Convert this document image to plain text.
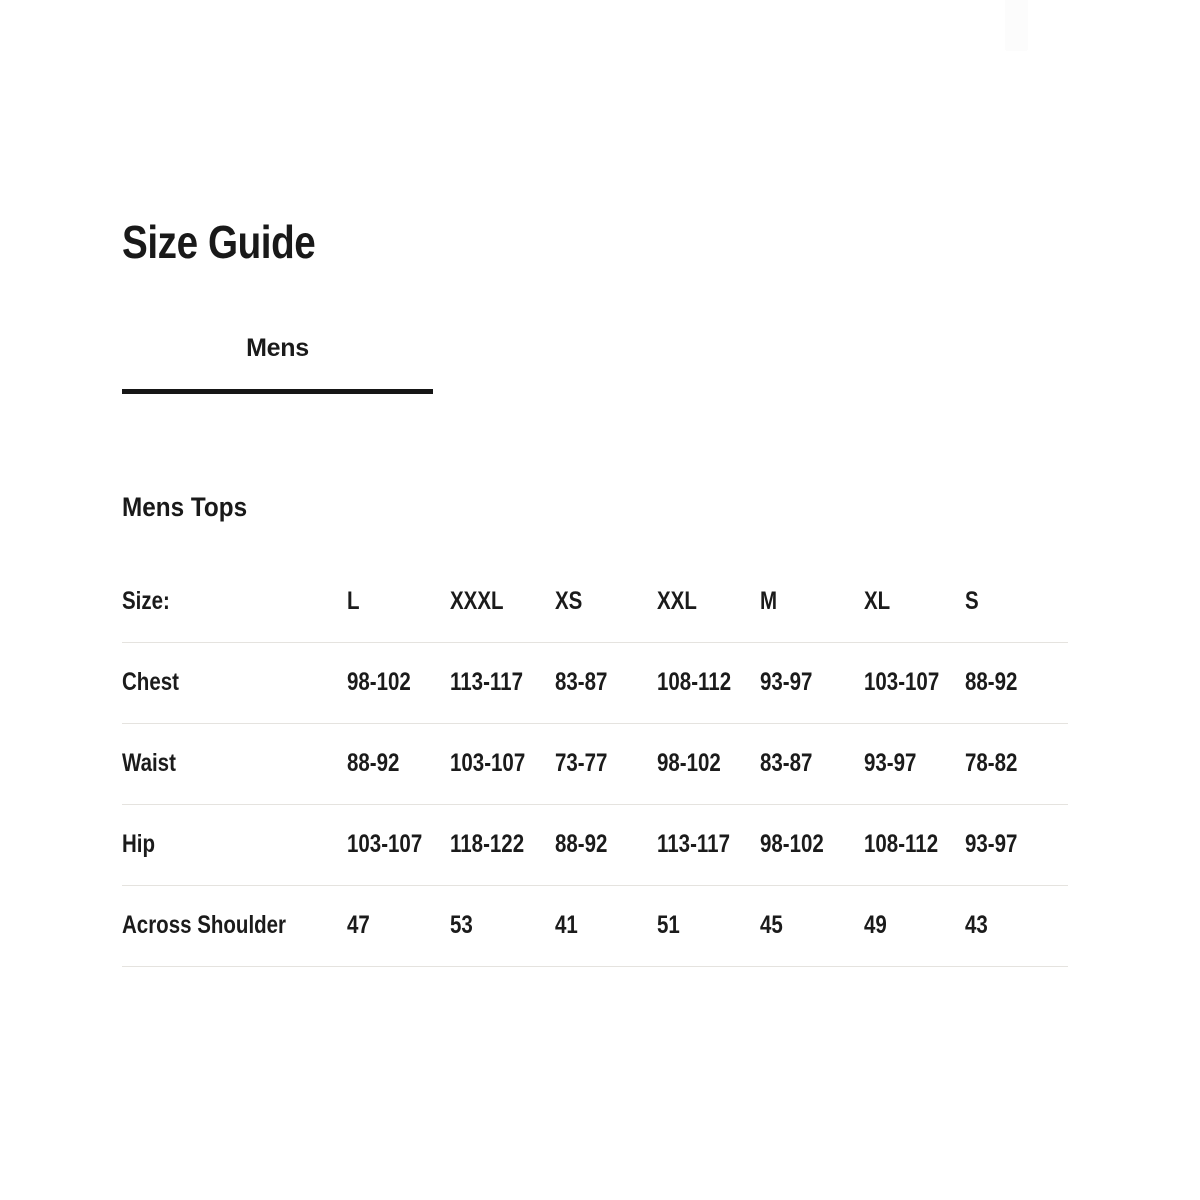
Size Guide
Mens
Mens Tops
Size:	L	XXXL	XS	XXL	M	XL	S
Chest	98-102	113-117	83-87	108-112	93-97	103-107	88-92
Waist	88-92	103-107	73-77	98-102	83-87	93-97	78-82
Hip	103-107	118-122	88-92	113-117	98-102	108-112	93-97
Across Shoulder	47	53	41	51	45	49	43
